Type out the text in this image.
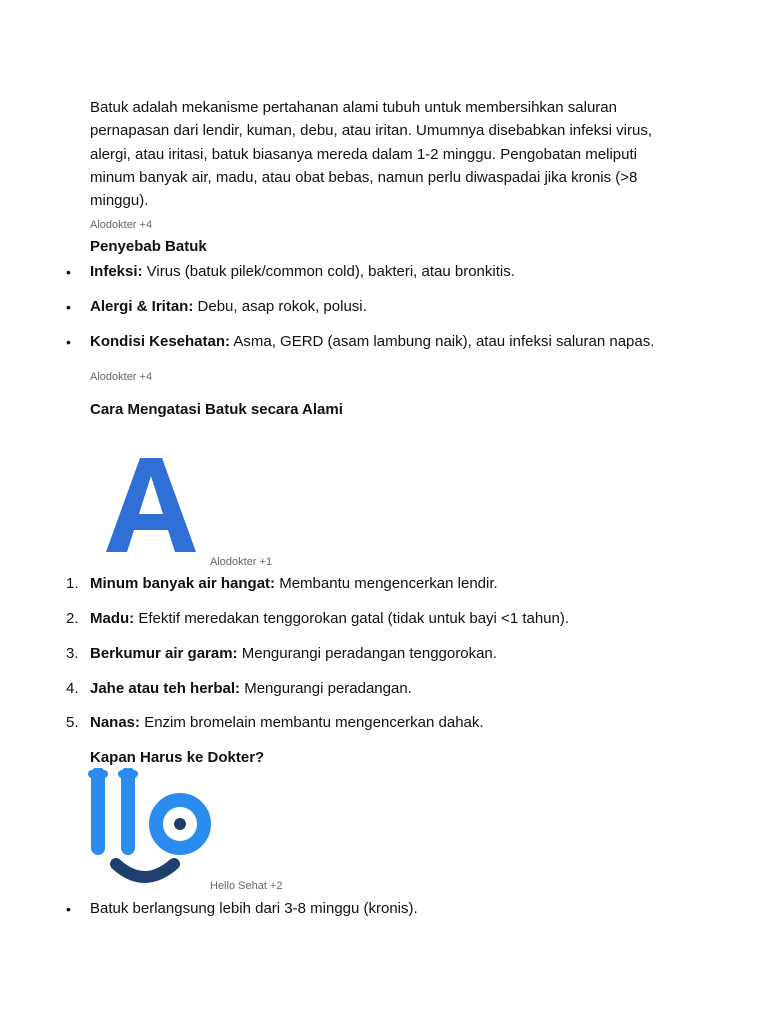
Batuk adalah mekanisme pertahanan alami tubuh untuk membersihkan saluran pernapasan dari lendir, kuman, debu, atau iritan. Umumnya disebabkan infeksi virus, alergi, atau iritasi, batuk biasanya mereda dalam 1-2 minggu. Pengobatan meliputi minum banyak air, madu, atau obat bebas, namun perlu diwaspadai jika kronis (>8 minggu).

Alodokter +4
Penyebab Batuk
• Infeksi: Virus (batuk pilek/common cold), bakteri, atau bronkitis.
• Alergi & Iritan: Debu, asap rokok, polusi.
• Kondisi Kesehatan: Asma, GERD (asam lambung naik), atau infeksi saluran napas.
Alodokter +4
Cara Mengatasi Batuk secara Alami
Alodokter +1
1. Minum banyak air hangat: Membantu mengencerkan lendir.
2. Madu: Efektif meredakan tenggorokan gatal (tidak untuk bayi <1 tahun).
3. Berkumur air garam: Mengurangi peradangan tenggorokan.
4. Jahe atau teh herbal: Mengurangi peradangan.
5. Nanas: Enzim bromelain membantu mengencerkan dahak.
Kapan Harus ke Dokter?
Hello Sehat +2
• Batuk berlangsung lebih dari 3-8 minggu (kronis).
